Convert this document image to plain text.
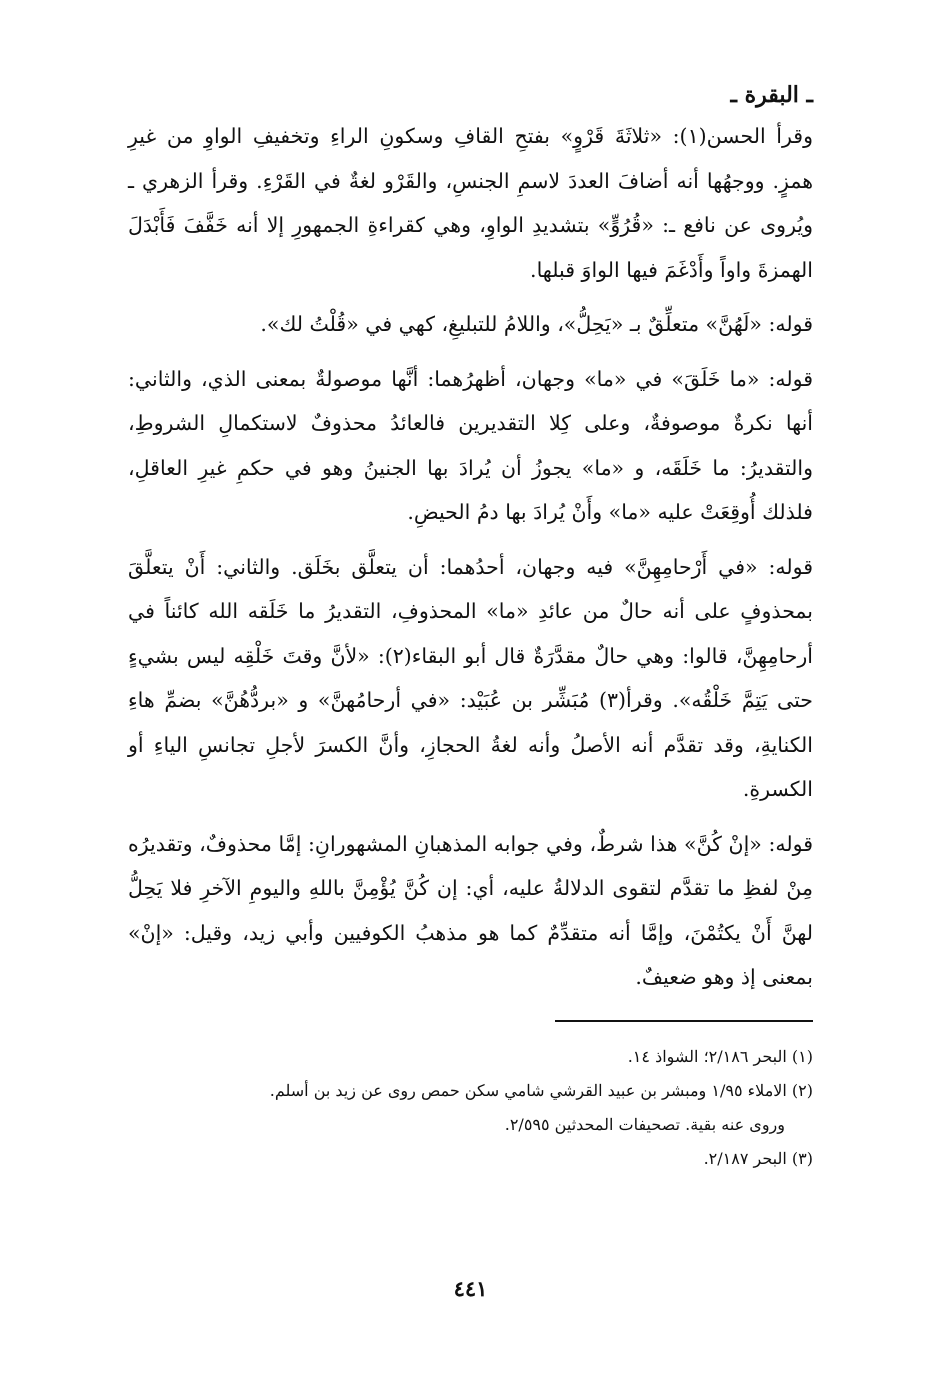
ـ البقرة ـ

وقرأ الحسن(١): «ثلاثَةَ قَرْوٍ» بفتحِ القافِ وسكونِ الراءِ وتخفيفِ الواوِ من غيرِ همزٍ. ووجهُها أنه أضافَ العددَ لاسمِ الجنسِ، والقَرْو لغةٌ في القَرْءِ. وقرأ الزهري ـ ويُروى عن نافع ـ: «قُرُوٍّ» بتشديدِ الواوِ، وهي كقراءةِ الجمهورِ إلا أنه خَفَّفَ فَأَبْدَلَ الهمزةَ واواً وأَدْغَمَ فيها الواوَ قبلها.

قوله: «لَهُنَّ» متعلِّقٌ بـ «يَحِلُّ»، واللامُ للتبليغِ، كهي في «قُلْتُ لك».

قوله: «ما خَلَقَ» في «ما» وجهان، أظهرُهما: أنَّها موصولةٌ بمعنى الذي، والثاني: أنها نكرةٌ موصوفةٌ، وعلى كِلا التقديرين فالعائدُ محذوفٌ لاستكمالِ الشروطِ، والتقديرُ: ما خَلَقَه، و «ما» يجوزُ أن يُرادَ بها الجنينُ وهو في حكمِ غيرِ العاقلِ، فلذلك أُوقِعَتْ عليه «ما» وأَنْ يُرادَ بها دمُ الحيضِ.

قوله: «في أَرْحامِهِنَّ» فيه وجهان، أحدُهما: أن يتعلَّق بخَلَق. والثاني: أَنْ يتعلَّقَ بمحذوفٍ على أنه حالٌ من عائدِ «ما» المحذوفِ، التقديرُ ما خَلَقه الله كائناً في أرحامِهِنَّ، قالوا: وهي حالٌ مقدَّرَةٌ قال أبو البقاء(٢): «لأنَّ وقتَ خَلْقِه ليس بشيءٍ حتى يَتِمَّ خَلْقُه». وقرأ(٣) مُبَشِّر بن عُبَيْد: «في أرحامُهنَّ» و «بردُّهُنَّ» بضمِّ هاءِ الكنايةِ، وقد تقدَّم أنه الأصلُ وأنه لغةُ الحجازِ، وأنَّ الكسرَ لأجلِ تجانسِ الياءِ أو الكسرةِ.

قوله: «إنْ كُنَّ» هذا شرطٌ، وفي جوابه المذهبانِ المشهورانِ: إمَّا محذوفٌ، وتقديرُه مِنْ لفظِ ما تقدَّم لتقوى الدلالةُ عليه، أي: إن كُنَّ يُؤْمِنَّ باللهِ واليومِ الآخرِ فلا يَحِلُّ لهنَّ أَنْ يكتُمْنَ، وإمَّا أنه متقدِّمٌ كما هو مذهبُ الكوفيين وأبي زيد، وقيل: «إنْ» بمعنى إذ وهو ضعيفٌ.

(١) البحر ٢/١٨٦؛ الشواذ ١٤.

(٢) الاملاء ١/٩٥ ومبشر بن عبيد القرشي شامي سكن حمص روى عن زيد بن أسلم.
وروى عنه بقية. تصحيفات المحدثين ٢/٥٩٥.

(٣) البحر ٢/١٨٧.

٤٤١
